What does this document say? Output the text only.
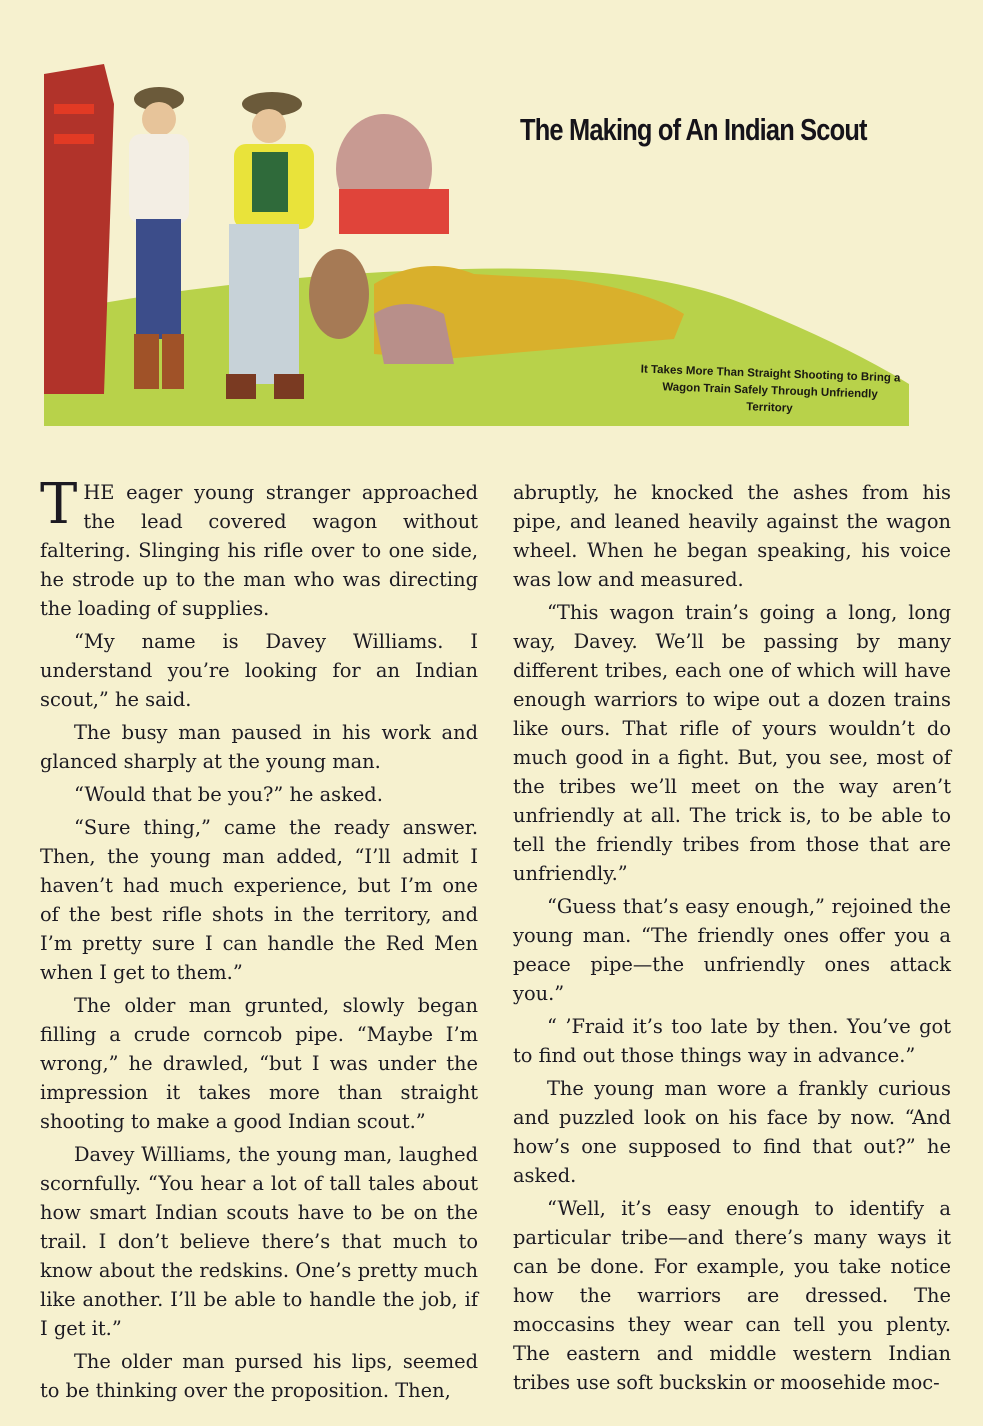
The Making of An Indian Scout
It Takes More Than Straight Shooting to Bring a Wagon Train Safely Through Unfriendly Territory

THE eager young stranger approached the lead covered wagon without faltering. Slinging his rifle over to one side, he strode up to the man who was directing the loading of supplies.

“My name is Davey Williams. I understand you’re looking for an Indian scout,” he said.

The busy man paused in his work and glanced sharply at the young man.

“Would that be you?” he asked.

“Sure thing,” came the ready answer. Then, the young man added, “I’ll admit I haven’t had much experience, but I’m one of the best rifle shots in the territory, and I’m pretty sure I can handle the Red Men when I get to them.”

The older man grunted, slowly began filling a crude corncob pipe. “Maybe I’m wrong,” he drawled, “but I was under the impression it takes more than straight shooting to make a good Indian scout.”

Davey Williams, the young man, laughed scornfully. “You hear a lot of tall tales about how smart Indian scouts have to be on the trail. I don’t believe there’s that much to know about the redskins. One’s pretty much like another. I’ll be able to handle the job, if I get it.”

The older man pursed his lips, seemed to be thinking over the proposition. Then,

abruptly, he knocked the ashes from his pipe, and leaned heavily against the wagon wheel. When he began speaking, his voice was low and measured.

“This wagon train’s going a long, long way, Davey. We’ll be passing by many different tribes, each one of which will have enough warriors to wipe out a dozen trains like ours. That rifle of yours wouldn’t do much good in a fight. But, you see, most of the tribes we’ll meet on the way aren’t unfriendly at all. The trick is, to be able to tell the friendly tribes from those that are unfriendly.”

“Guess that’s easy enough,” rejoined the young man. “The friendly ones offer you a peace pipe—the unfriendly ones attack you.”

“ ’Fraid it’s too late by then. You’ve got to find out those things way in advance.”

The young man wore a frankly curious and puzzled look on his face by now. “And how’s one supposed to find that out?” he asked.

“Well, it’s easy enough to identify a particular tribe—and there’s many ways it can be done. For example, you take notice how the warriors are dressed. The moccasins they wear can tell you plenty. The eastern and middle western Indian tribes use soft buckskin or moosehide moc-
